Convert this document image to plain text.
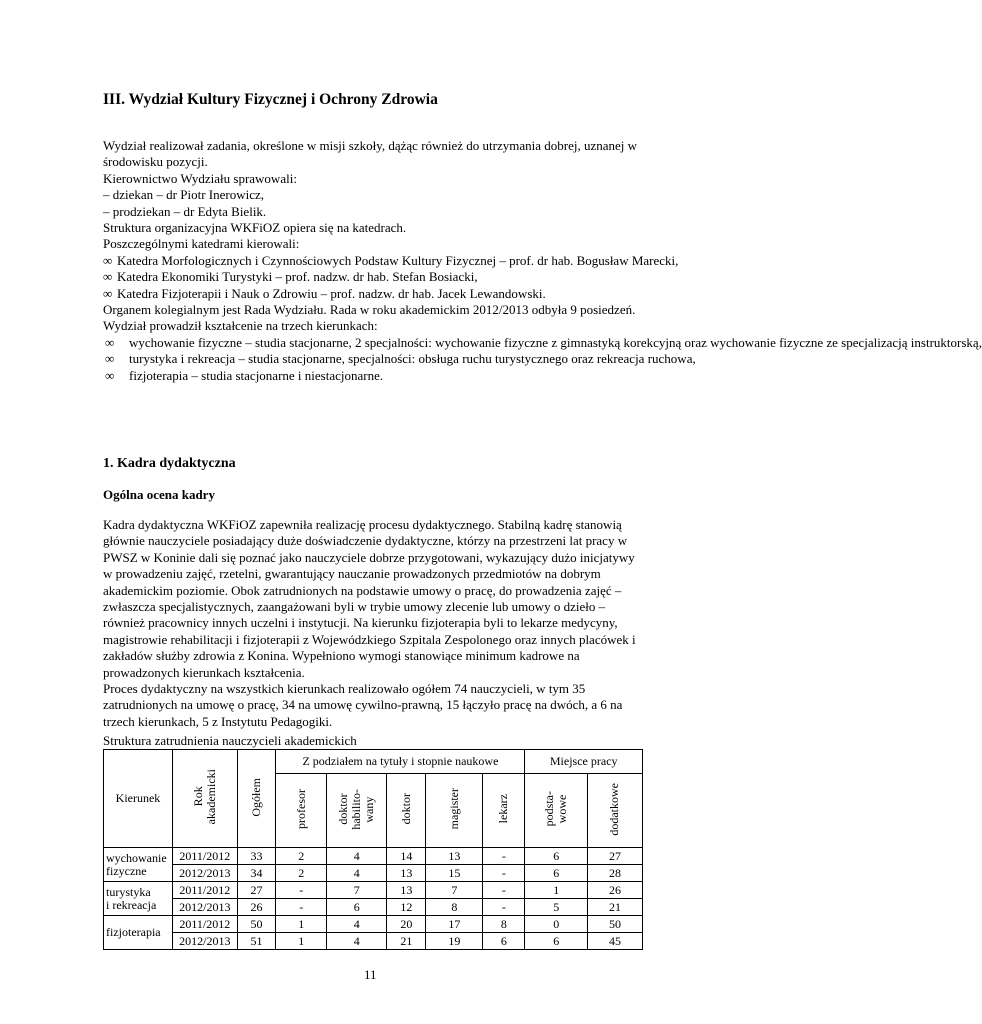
III. Wydział Kultury Fizycznej i Ochrony Zdrowia
Wydział realizował zadania, określone w misji szkoły, dążąc również do utrzymania dobrej, uznanej w środowisku pozycji.
Kierownictwo Wydziału sprawowali:
– dziekan – dr Piotr Inerowicz,
– prodziekan – dr Edyta Bielik.
Struktura organizacyjna WKFiOZ opiera się na katedrach.
Poszczególnymi katedrami kierowali:
∞ Katedra Morfologicznych i Czynnościowych Podstaw Kultury Fizycznej – prof. dr hab. Bogusław Marecki,
∞ Katedra Ekonomiki Turystyki – prof. nadzw. dr hab. Stefan Bosiacki,
∞ Katedra Fizjoterapii i Nauk o Zdrowiu – prof. nadzw. dr hab. Jacek Lewandowski.
Organem kolegialnym jest Rada Wydziału. Rada w roku akademickim 2012/2013 odbyła 9 posiedzeń.
Wydział prowadził kształcenie na trzech kierunkach:
∞ wychowanie fizyczne – studia stacjonarne, 2 specjalności: wychowanie fizyczne z gimnastyką korekcyjną oraz wychowanie fizyczne ze specjalizacją instruktorską,
∞ turystyka i rekreacja – studia stacjonarne, specjalności: obsługa ruchu turystycznego oraz rekreacja ruchowa,
∞ fizjoterapia – studia stacjonarne i niestacjonarne.
1. Kadra dydaktyczna
Ogólna ocena kadry
Kadra dydaktyczna WKFiOZ zapewniła realizację procesu dydaktycznego. Stabilną kadrę stanowią głównie nauczyciele posiadający duże doświadczenie dydaktyczne, którzy na przestrzeni lat pracy w PWSZ w Koninie dali się poznać jako nauczyciele dobrze przygotowani, wykazujący dużo inicjatywy w prowadzeniu zajęć, rzetelni, gwarantujący nauczanie prowadzonych przedmiotów na dobrym akademickim poziomie. Obok zatrudnionych na podstawie umowy o pracę, do prowadzenia zajęć – zwłaszcza specjalistycznych, zaangażowani byli w trybie umowy zlecenie lub umowy o dzieło – również pracownicy innych uczelni i instytucji. Na kierunku fizjoterapia byli to lekarze medycyny, magistrowie rehabilitacji i fizjoterapii z Wojewódzkiego Szpitala Zespolonego oraz innych placówek i zakładów służby zdrowia z Konina. Wypełniono wymogi stanowiące minimum kadrowe na prowadzonych kierunkach kształcenia.
Proces dydaktyczny na wszystkich kierunkach realizowało ogółem 74 nauczycieli, w tym 35 zatrudnionych na umowę o pracę, 34 na umowę cywilno-prawną, 15 łączyło pracę na dwóch, a 6 na trzech kierunkach, 5 z Instytutu Pedagogiki.
Struktura zatrudnienia nauczycieli akademickich
Kierunek	Rok
akademicki	Ogółem	Z podziałem na tytuły i stopnie naukowe					Miejsce pracy	
			profesor	doktor
habilito-
wany	doktor	magister	lekarz	podsta-
wowe	dodatkowe
wychowanie
fizyczne	2011/2012	33	2	4	14	13	-	6	27
	2012/2013	34	2	4	13	15	-	6	28
turystyka
i rekreacja	2011/2012	27	-	7	13	7	-	1	26
	2012/2013	26	-	6	12	8	-	5	21
fizjoterapia	2011/2012	50	1	4	20	17	8	0	50
	2012/2013	51	1	4	21	19	6	6	45
11
